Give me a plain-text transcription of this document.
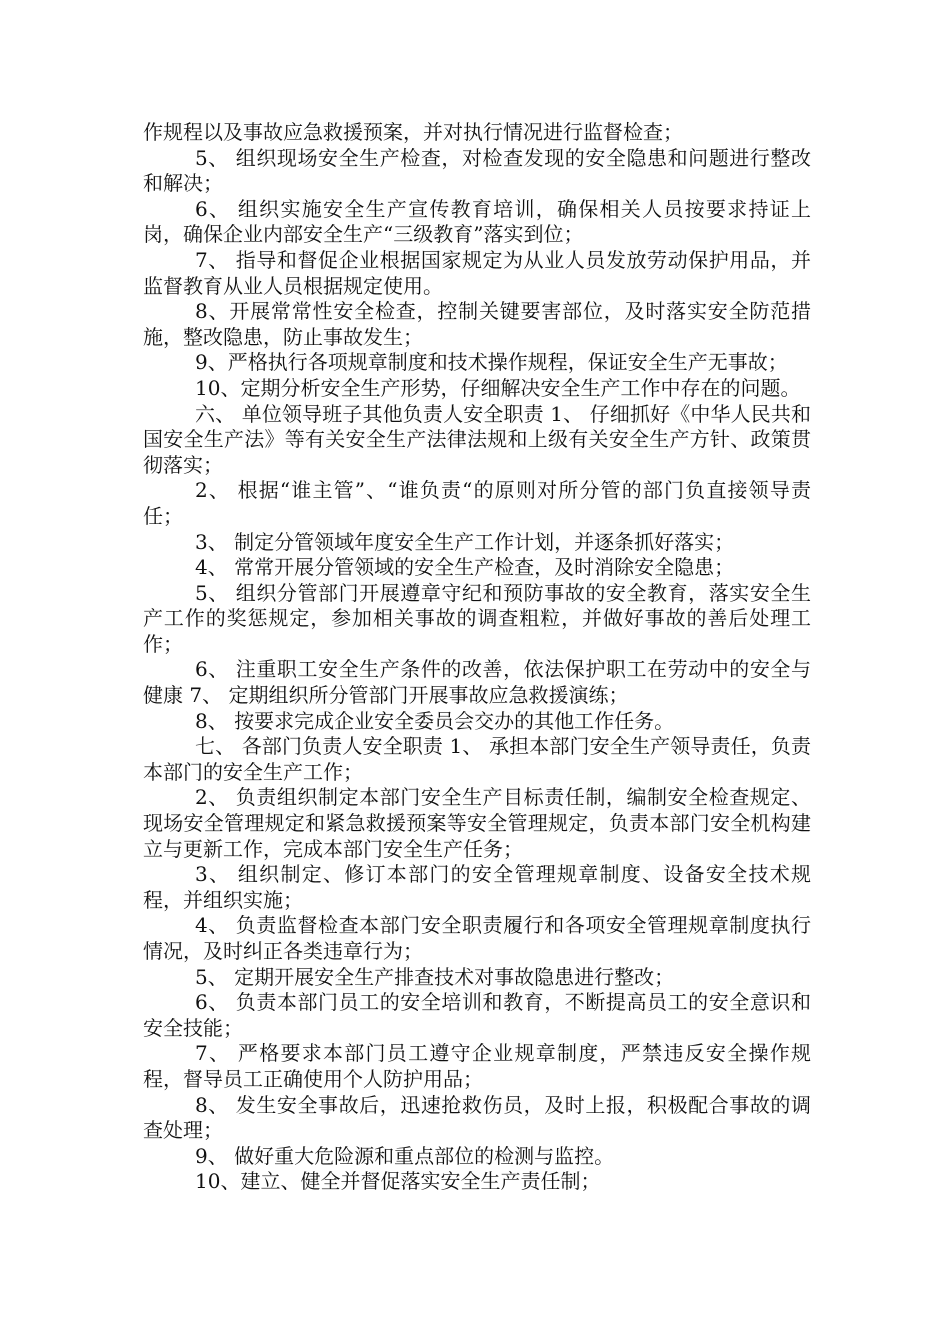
作规程以及事故应急救援预案，并对执行情况进行监督检查；

5、 组织现场安全生产检查，对检查发现的安全隐患和问题进行整改和解决；

6、 组织实施安全生产宣传教育培训，确保相关人员按要求持证上岗，确保企业内部安全生产“三级教育”落实到位；

7、 指导和督促企业根据国家规定为从业人员发放劳动保护用品，并监督教育从业人员根据规定使用。

8、开展常常性安全检查，控制关键要害部位，及时落实安全防范措施，整改隐患，防止事故发生；

9、严格执行各项规章制度和技术操作规程，保证安全生产无事故；

10、定期分析安全生产形势，仔细解决安全生产工作中存在的问题。

六、 单位领导班子其他负责人安全职责 1、 仔细抓好《中华人民共和国安全生产法》等有关安全生产法律法规和上级有关安全生产方针、政策贯彻落实；

2、 根据“谁主管”、“谁负责“的原则对所分管的部门负直接领导责任；

3、 制定分管领域年度安全生产工作计划，并逐条抓好落实；

4、 常常开展分管领域的安全生产检查，及时消除安全隐患；

5、 组织分管部门开展遵章守纪和预防事故的安全教育，落实安全生产工作的奖惩规定，参加相关事故的调查粗粒，并做好事故的善后处理工作；

6、 注重职工安全生产条件的改善，依法保护职工在劳动中的安全与健康 7、 定期组织所分管部门开展事故应急救援演练；

8、 按要求完成企业安全委员会交办的其他工作任务。

七、 各部门负责人安全职责 1、 承担本部门安全生产领导责任，负责本部门的安全生产工作；

2、 负责组织制定本部门安全生产目标责任制，编制安全检查规定、现场安全管理规定和紧急救援预案等安全管理规定，负责本部门安全机构建立与更新工作，完成本部门安全生产任务；

3、 组织制定、修订本部门的安全管理规章制度、设备安全技术规程，并组织实施；

4、 负责监督检查本部门安全职责履行和各项安全管理规章制度执行情况，及时纠正各类违章行为；

5、 定期开展安全生产排查技术对事故隐患进行整改；

6、 负责本部门员工的安全培训和教育，不断提高员工的安全意识和安全技能；

7、 严格要求本部门员工遵守企业规章制度，严禁违反安全操作规程，督导员工正确使用个人防护用品；

8、 发生安全事故后，迅速抢救伤员，及时上报，积极配合事故的调查处理；

9、 做好重大危险源和重点部位的检测与监控。

10、建立、健全并督促落实安全生产责任制；
